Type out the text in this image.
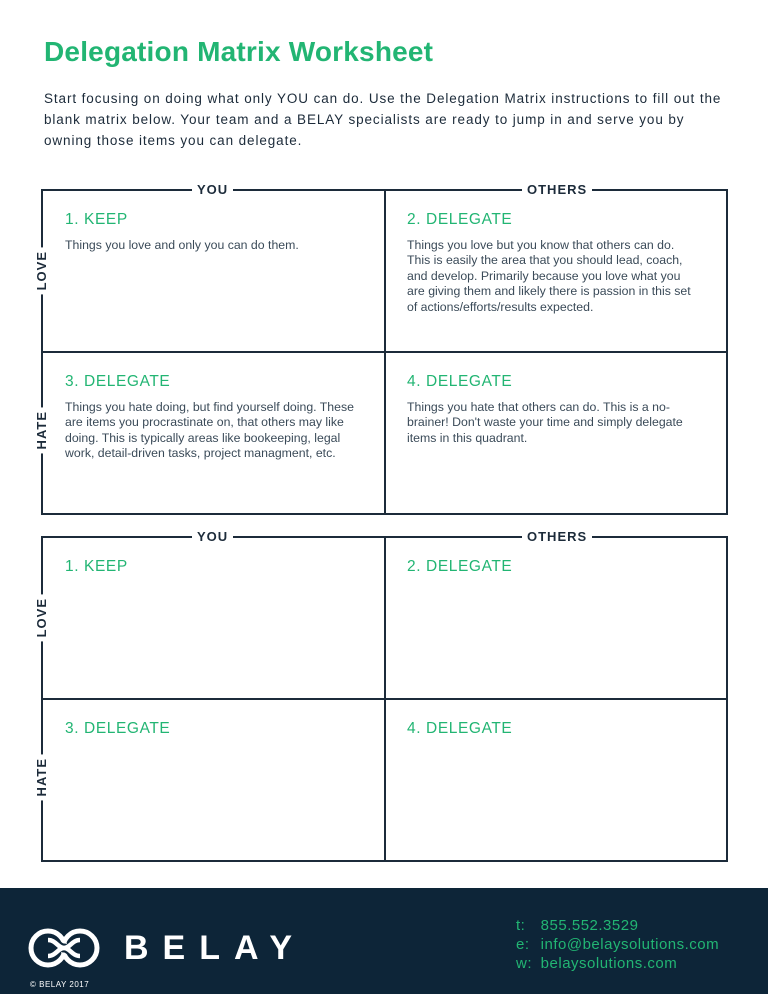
Delegation Matrix Worksheet

Start focusing on doing what only YOU can do. Use the Delegation Matrix instructions to fill out the blank matrix below. Your team and a BELAY specialists are ready to jump in and serve you by owning those items you can delegate.

YOU	OTHERS
LOVE
HATE
1. KEEP

Things you love and only you can do them.

2. DELEGATE

Things you love but you know that others can do. This is easily the area that you should lead, coach, and develop. Primarily because you love what you are giving them and likely there is passion in this set of actions/efforts/results expected.

3. DELEGATE

Things you hate doing, but find yourself doing. These are items you procrastinate on, that others may like doing. This is typically areas like bookeeping, legal work, detail-driven tasks, project managment, etc.

4. DELEGATE

Things you hate that others can do. This is a no-brainer! Don't waste your time and simply delegate items in this quadrant.

YOU	OTHERS
LOVE
HATE
1. KEEP	2. DELEGATE
3. DELEGATE	4. DELEGATE
BELAY
© BELAY 2017
t: 855.552.3529
e: info@belaysolutions.com
w: belaysolutions.com
